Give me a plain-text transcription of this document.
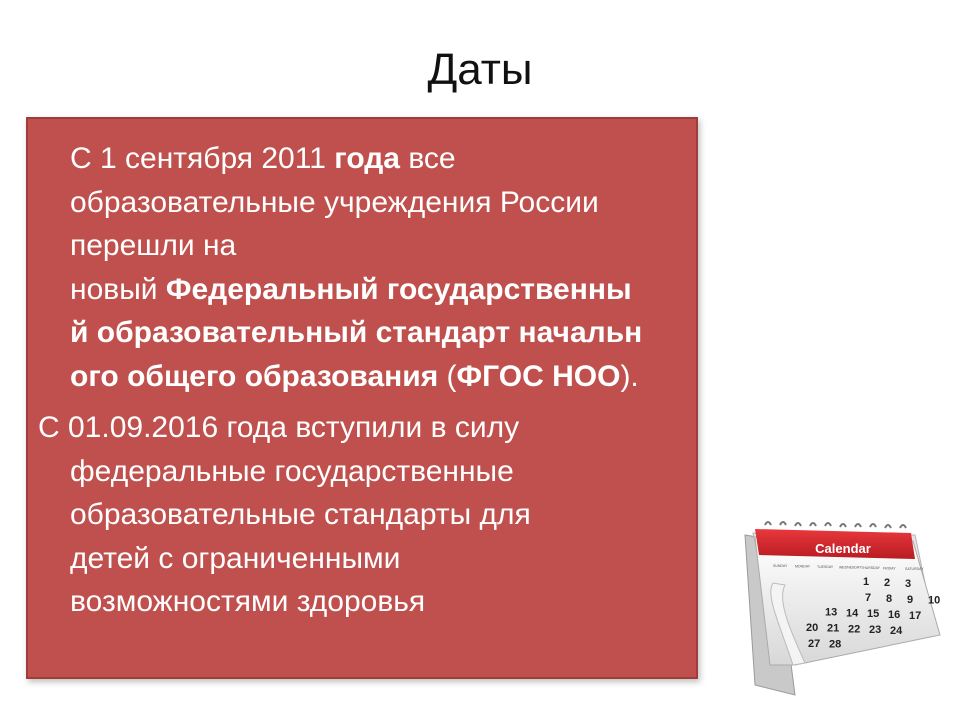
Даты
С 1 сентября 2011 года все
образовательные учреждения России
перешли на
новый Федеральный государственны
й образовательный стандарт начальн
ого общего образования (ФГОС НОО).
С 01.09.2016 года вступили в силу
федеральные государственные
образовательные стандарты для
детей с ограниченными
возможностями здоровья
Calendar
SUNDAY MONDAY TUESDAY WEDNESDAY THURSDAY FRIDAY	SATURDAY
1 2 3
7 8 9 10
13 14 15 16 17
20 21 22 23 24
27 28
